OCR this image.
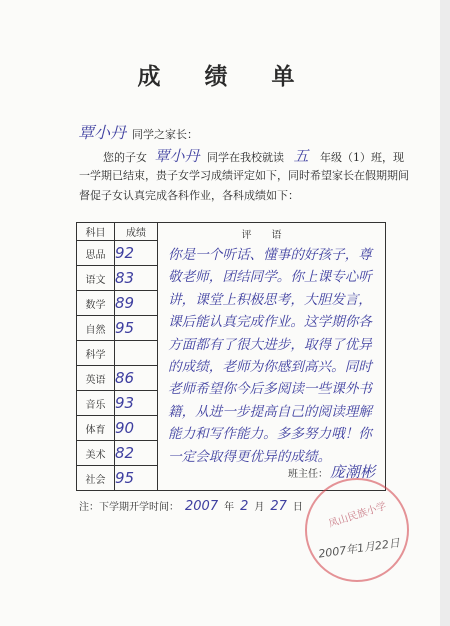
成 绩 单
覃小丹 同学之家长：
您的子女 覃小丹 同学在我校就读 五 年级（1）班，现
一学期已结束，贵子女学习成绩评定如下，同时希望家长在假期期间
督促子女认真完成各科作业，各科成绩如下：
科目	成绩	评语
你是一个听话、懂事的好孩子，尊敬老师，团结同学。你上课专心听讲，课堂上积极思考，大胆发言，课后能认真完成作业。这学期你各方面都有了很大进步，取得了优异的成绩，老师为你感到高兴。同时老师希望你今后多阅读一些课外书籍，从进一步提高自己的阅读理解能力和写作能力。多多努力哦！你一定会取得更优异的成绩。
班主任： 庞潮彬

思品	92	
语文	83	
数学	89	
自然	95	
科学		
英语	86	
音乐	93	
体育	90	
美术	82	
社会	95	
注：下学期开学时间： 2007 年 2 月 27 日	凤山民族小学
2007年1月22日
